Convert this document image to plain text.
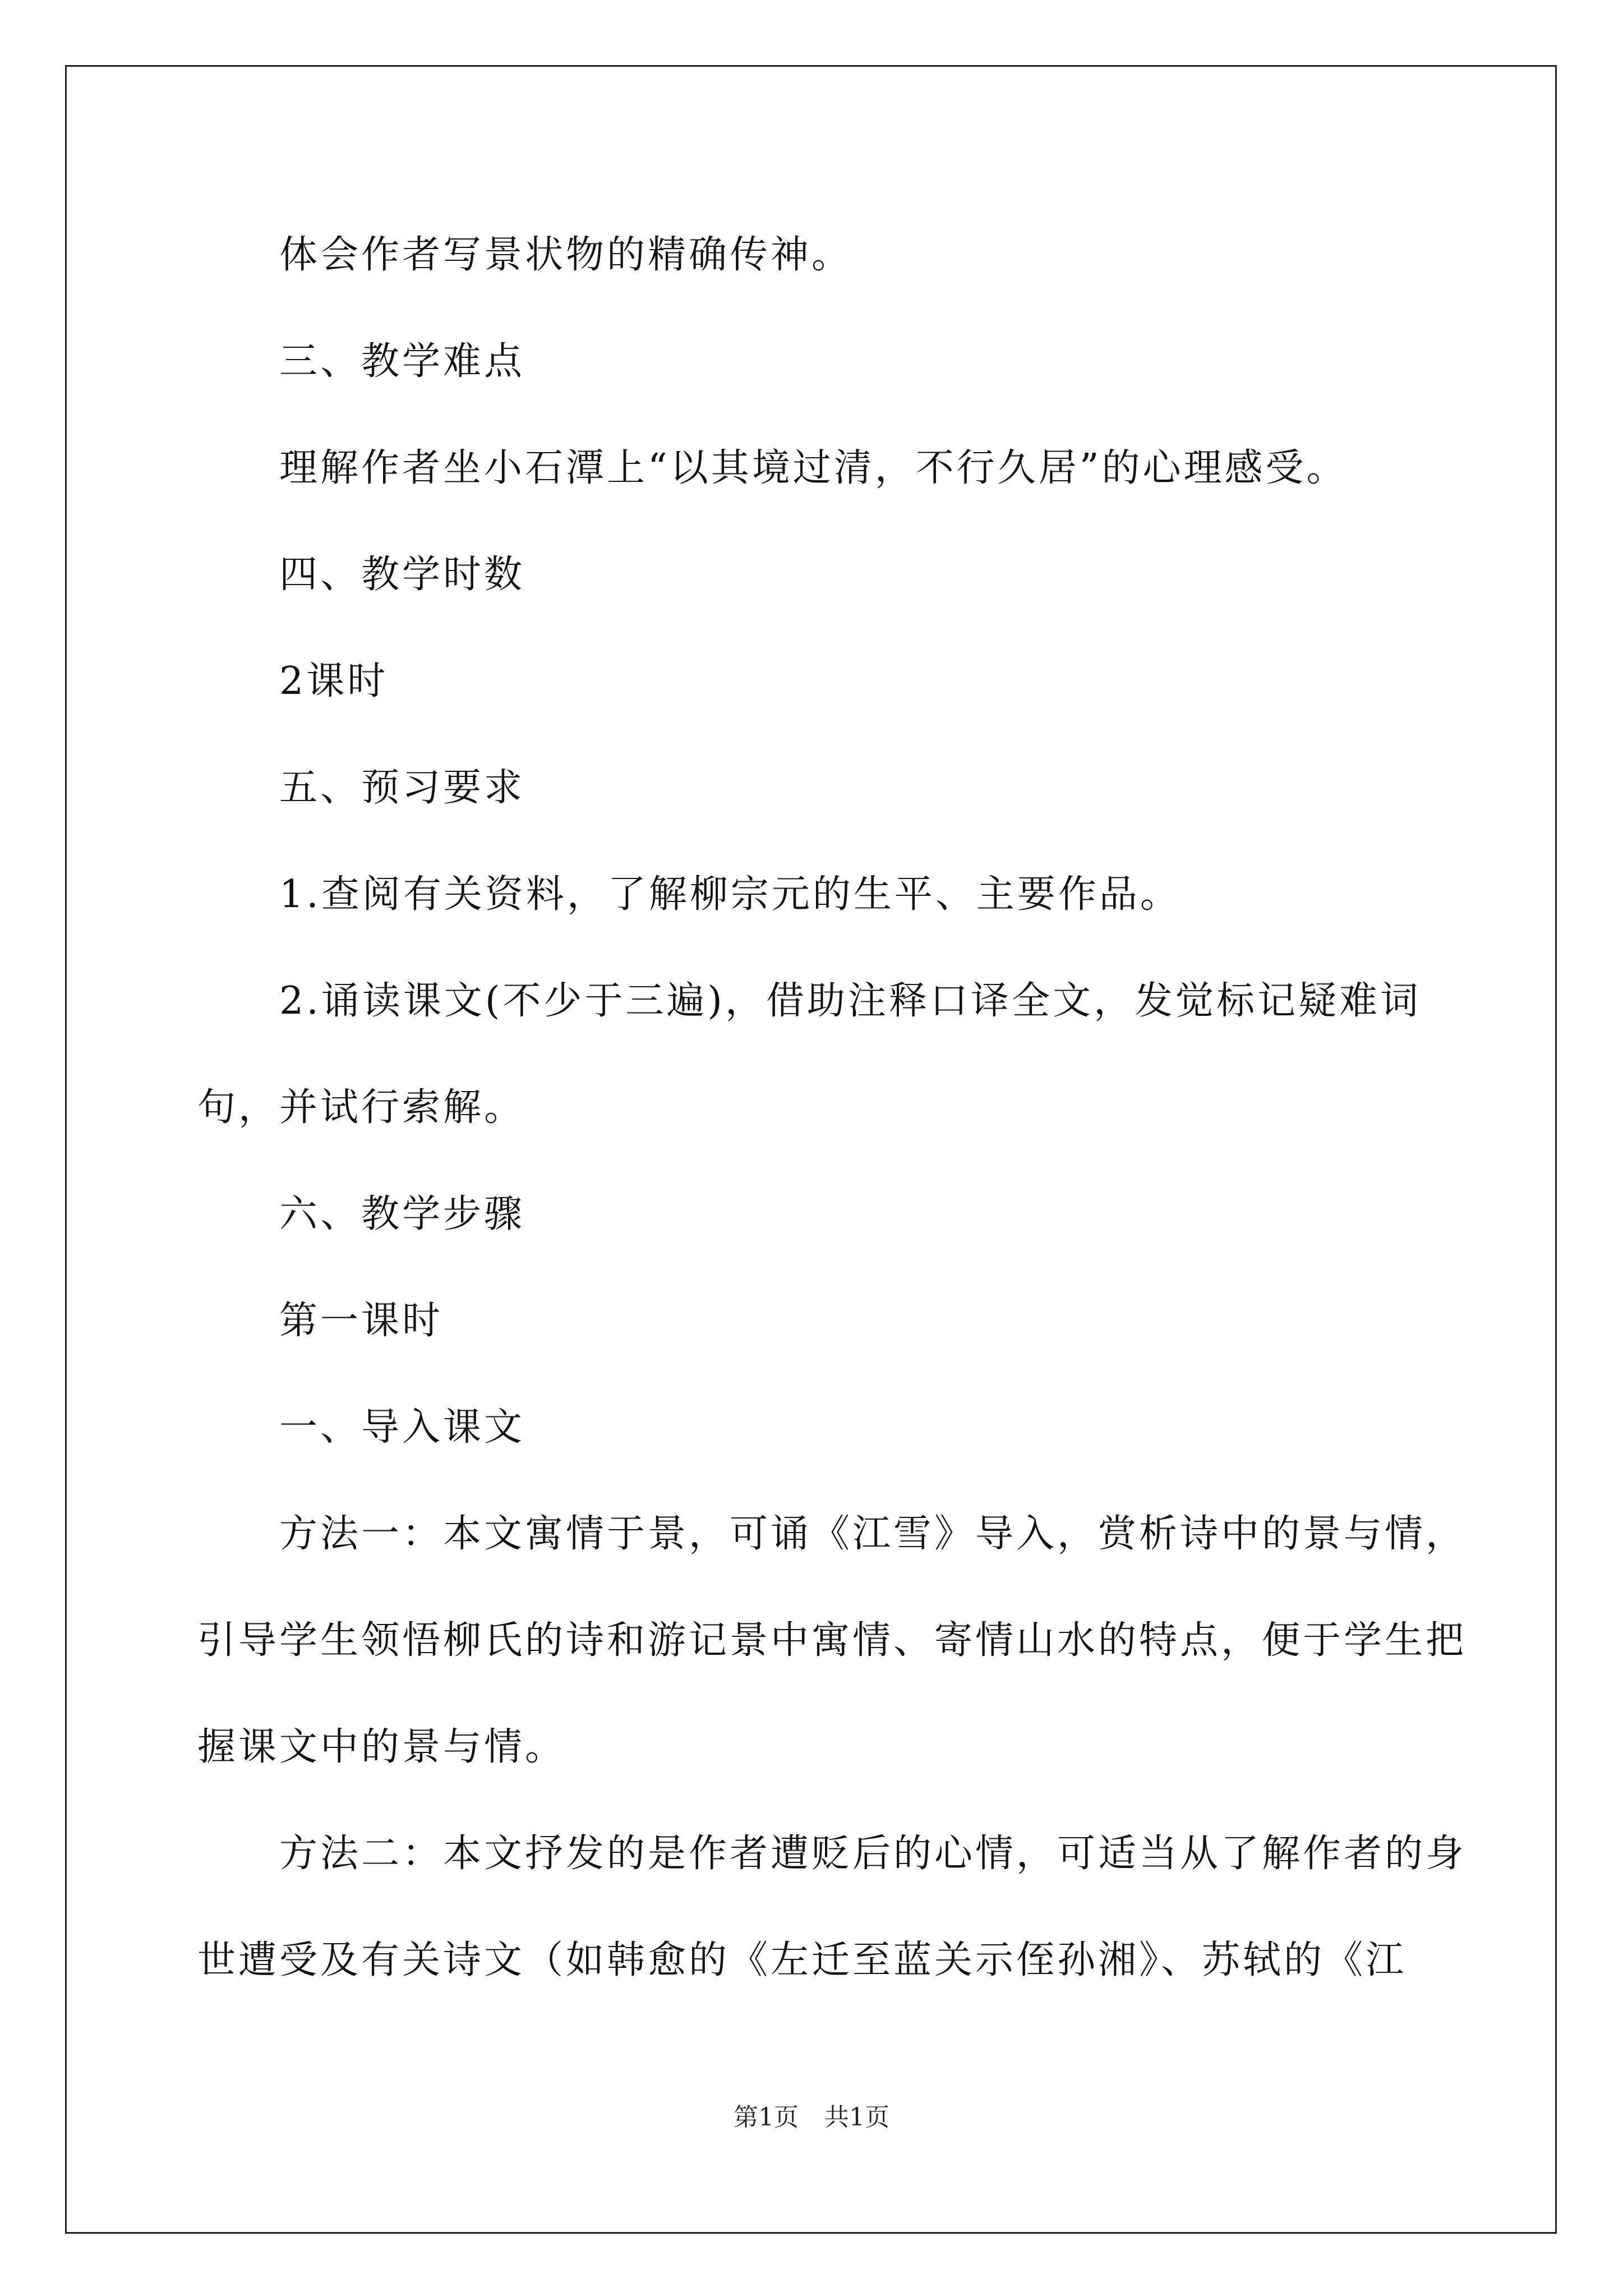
体会作者写景状物的精确传神。

三、教学难点

理解作者坐小石潭上“以其境过清，不行久居”的心理感受。

四、教学时数

2课时

五、预习要求

1.查阅有关资料，了解柳宗元的生平、主要作品。

2.诵读课文(不少于三遍)，借助注释口译全文，发觉标记疑难词句，并试行索解。

六、教学步骤

第一课时

一、导入课文

方法一：本文寓情于景，可诵《江雪》导入，赏析诗中的景与情，引导学生领悟柳氏的诗和游记景中寓情、寄情山水的特点，便于学生把握课文中的景与情。

方法二：本文抒发的是作者遭贬后的心情，可适当从了解作者的身世遭受及有关诗文（如韩愈的《左迁至蓝关示侄孙湘》、苏轼的《江

第1页 共1页
